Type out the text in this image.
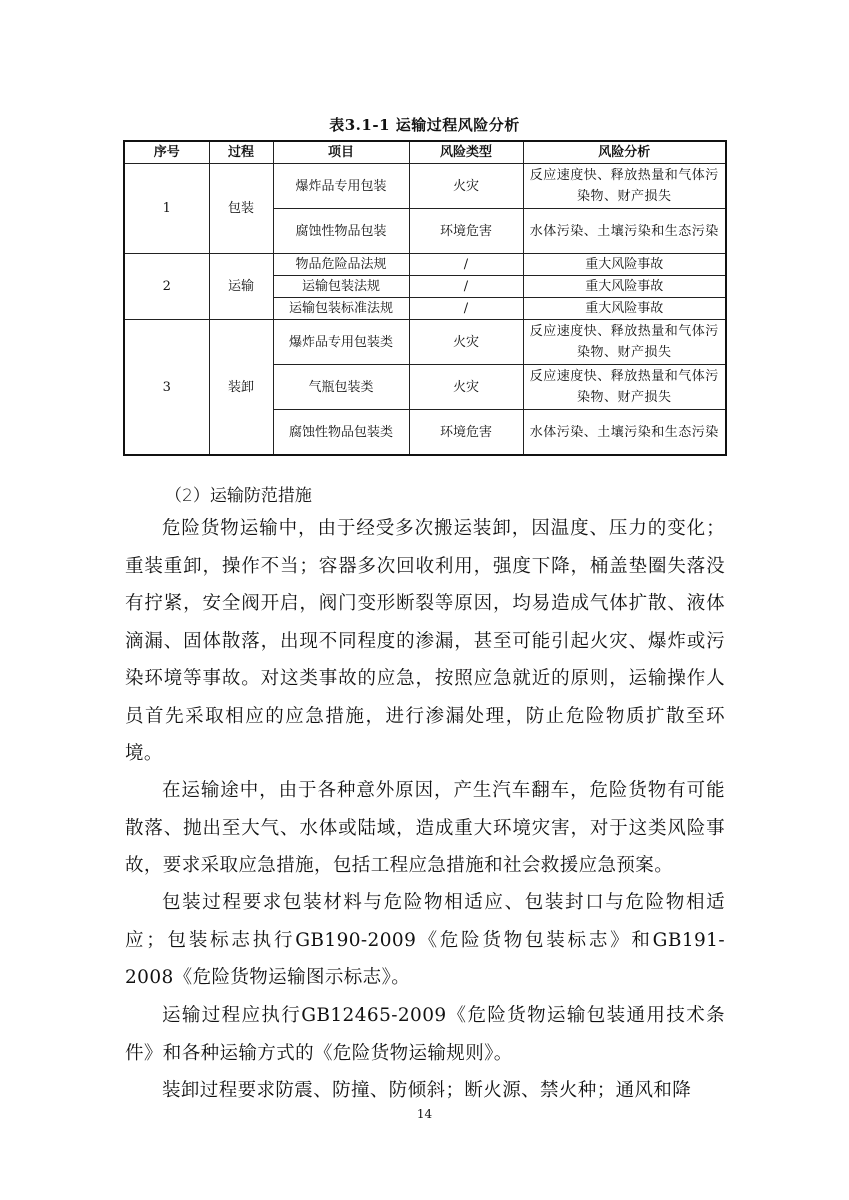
表3.1-1 运输过程风险分析
序号	过程	项目	风险类型	风险分析
1	包装	爆炸品专用包装	火灾	反应速度快、释放热量和气体污染物、财产损失
		腐蚀性物品包装	环境危害	水体污染、土壤污染和生态污染
2	运输	物品危险品法规	/	重大风险事故
		运输包装法规	/	重大风险事故
		运输包装标准法规	/	重大风险事故
3	装卸	爆炸品专用包装类	火灾	反应速度快、释放热量和气体污染物、财产损失
		气瓶包装类	火灾	反应速度快、释放热量和气体污染物、财产损失
		腐蚀性物品包装类	环境危害	水体污染、土壤污染和生态污染
（2）运输防范措施

危险货物运输中，由于经受多次搬运装卸，因温度、压力的变化；重装重卸，操作不当；容器多次回收利用，强度下降，桶盖垫圈失落没有拧紧，安全阀开启，阀门变形断裂等原因，均易造成气体扩散、液体滴漏、固体散落，出现不同程度的渗漏，甚至可能引起火灾、爆炸或污染环境等事故。对这类事故的应急，按照应急就近的原则，运输操作人员首先采取相应的应急措施，进行渗漏处理，防止危险物质扩散至环境。

在运输途中，由于各种意外原因，产生汽车翻车，危险货物有可能散落、抛出至大气、水体或陆域，造成重大环境灾害，对于这类风险事故，要求采取应急措施，包括工程应急措施和社会救援应急预案。

包装过程要求包装材料与危险物相适应、包装封口与危险物相适应；包装标志执行GB190-2009《危险货物包装标志》和GB191-2008《危险货物运输图示标志》。

运输过程应执行GB12465-2009《危险货物运输包装通用技术条件》和各种运输方式的《危险货物运输规则》。

装卸过程要求防震、防撞、防倾斜；断火源、禁火种；通风和降

14
